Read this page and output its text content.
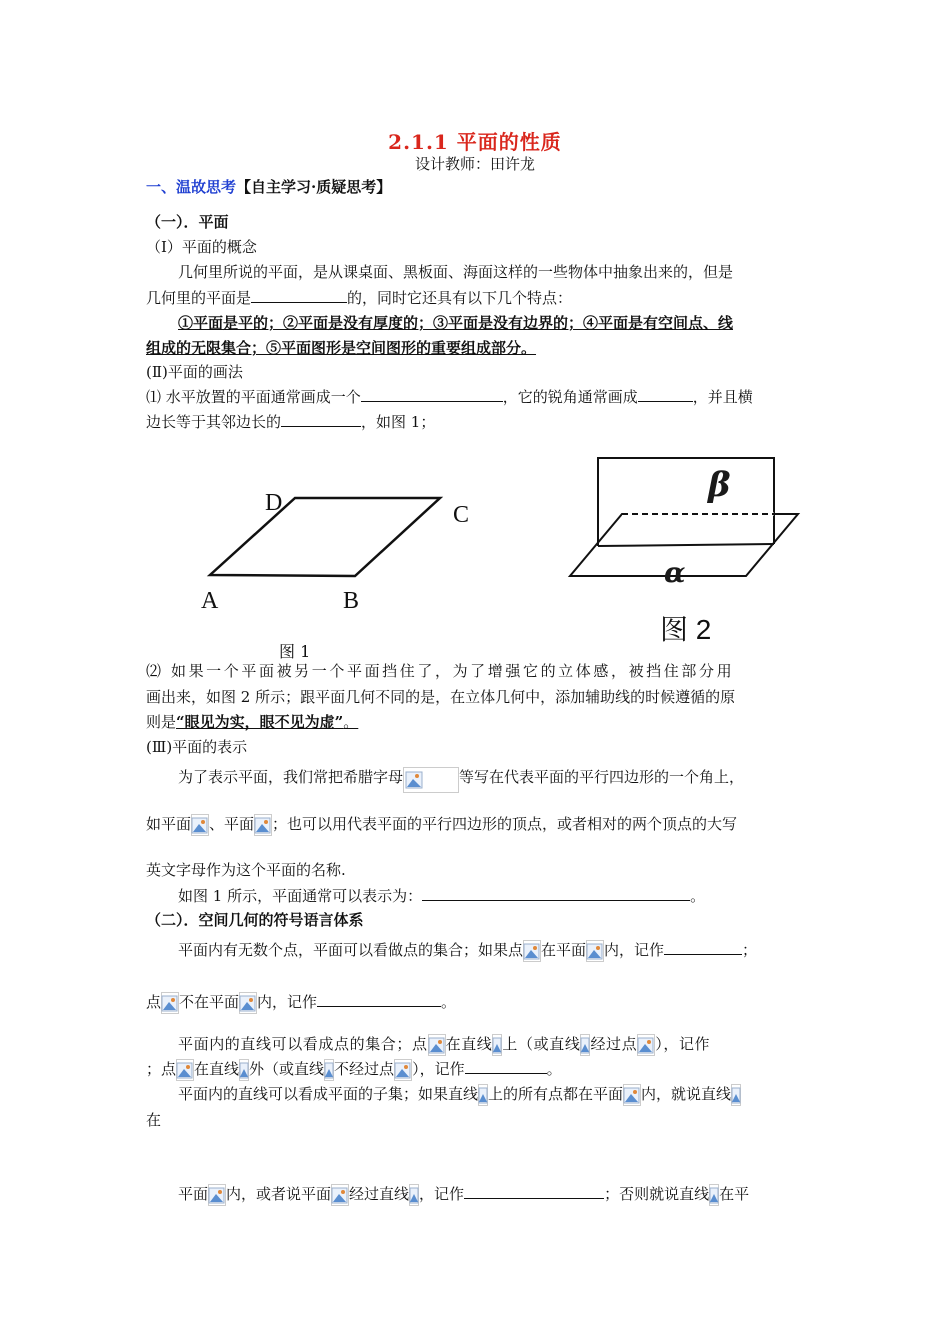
2.1.1 平面的性质
设计教师：田许龙
一、温故思考【自主学习·质疑思考】
（一）．平面
（Ⅰ）平面的概念
几何里所说的平面，是从课桌面、黑板面、海面这样的一些物体中抽象出来的，但是
几何里的平面是	的，同时它还具有以下几个特点：
①平面是平的；②平面是没有厚度的；③平面是没有边界的；④平面是有空间点、线
组成的无限集合；⑤平面图形是空间图形的重要组成部分。
(Ⅱ)平面的画法
⑴ 水平放置的平面通常画成一个	，它的锐角通常画成	，并且横
边长等于其邻边长的	，如图 1；
A	B
C
D
图 1
β
α
图 2
⑵ 如果一个平面被另一个平面挡住了，为了增强它的立体感，被挡住部分用
画出来，如图 2 所示；跟平面几何不同的是，在立体几何中，添加辅助线的时候遵循的原
则是“眼见为实，眼不见为虚”。
(Ⅲ)平面的表示
为了表示平面，我们常把希腊字母	等写在代表平面的平行四边形的一个角上，
如平面 、平面 ；也可以用代表平面的平行四边形的顶点，或者相对的两个顶点的大写
英文字母作为这个平面的名称.
如图 1 所示，平面通常可以表示为：	。
（二）．空间几何的符号语言体系
平面内有无数个点，平面可以看做点的集合；如果点 在平面 内，记作	；
点 不在平面 内，记作	。
平面内的直线可以看成点的集合；点 在直线 上（或直线 经过点 ），记作
；点 在直线 外（或直线 不经过点 ），记作	。
平面内的直线可以看成平面的子集；如果直线 上的所有点都在平面 内，就说直线
在
平面 内，或者说平面 经过直线 ，记作	；否则就说直线 在平
